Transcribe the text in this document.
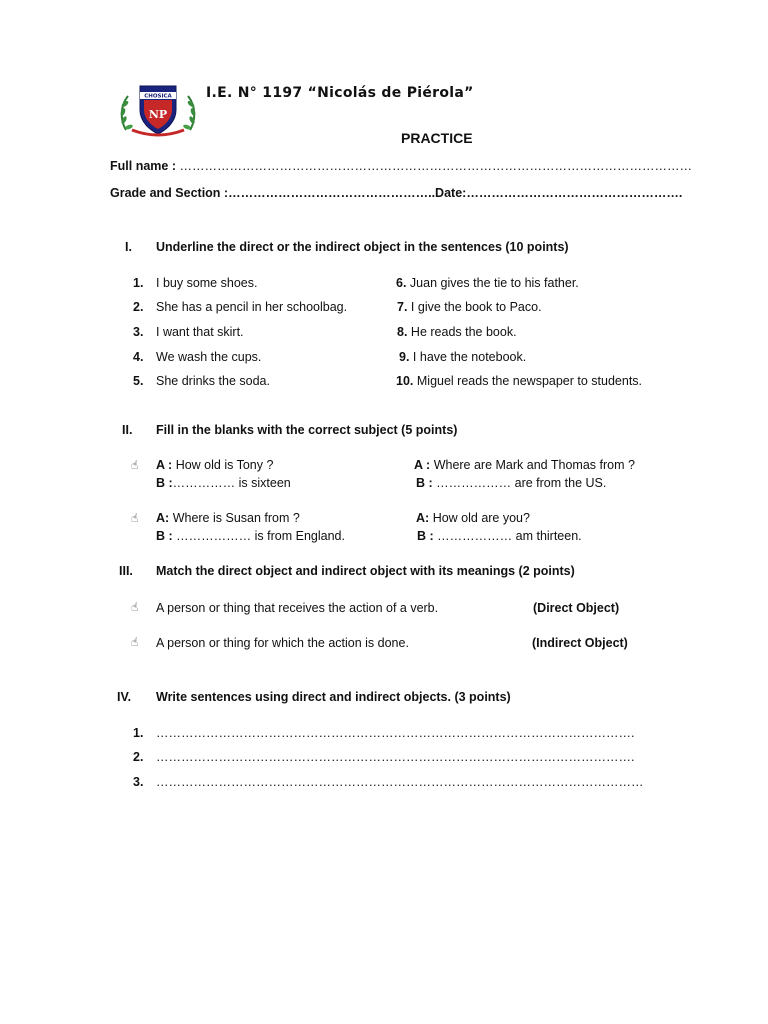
CHOSICA
NP
I.E. N° 1197 “Nicolás de Piérola”
PRACTICE
Full name : ……………………………………………………………………………………………………………
Grade and Section :…………………………………………..Date:…………………………………………….
I. Underline the direct or the indirect object in the sentences (10 points)
1. I buy some shoes.
2. She has a pencil in her schoolbag.
3. I want that skirt.
4. We wash the cups.
5. She drinks the soda.
6. Juan gives the tie to his father.
7. I give the book to Paco.
8. He reads the book.
9. I have the notebook.
10. Miguel reads the newspaper to students.
II. Fill in the blanks with the correct subject (5 points)
☝ A : How old is Tony ?
B :…………… is sixteen
A : Where are Mark and Thomas from ?
B : ……………… are from the US.
☝ A: Where is Susan from ?
B : ……………… is from England.
A: How old are you?
B : ……………… am thirteen.
III. Match the direct object and indirect object with its meanings (2 points)
☝ A person or thing that receives the action of a verb.	(Direct Object)
☝ A person or thing for which the action is done.	(Indirect Object)
IV. Write sentences using direct and indirect objects. (3 points)
1. …………………………………………………………………………………………………….
2. …………………………………………………………………………………………………….
3. ………………………………………………………………………………………………………
